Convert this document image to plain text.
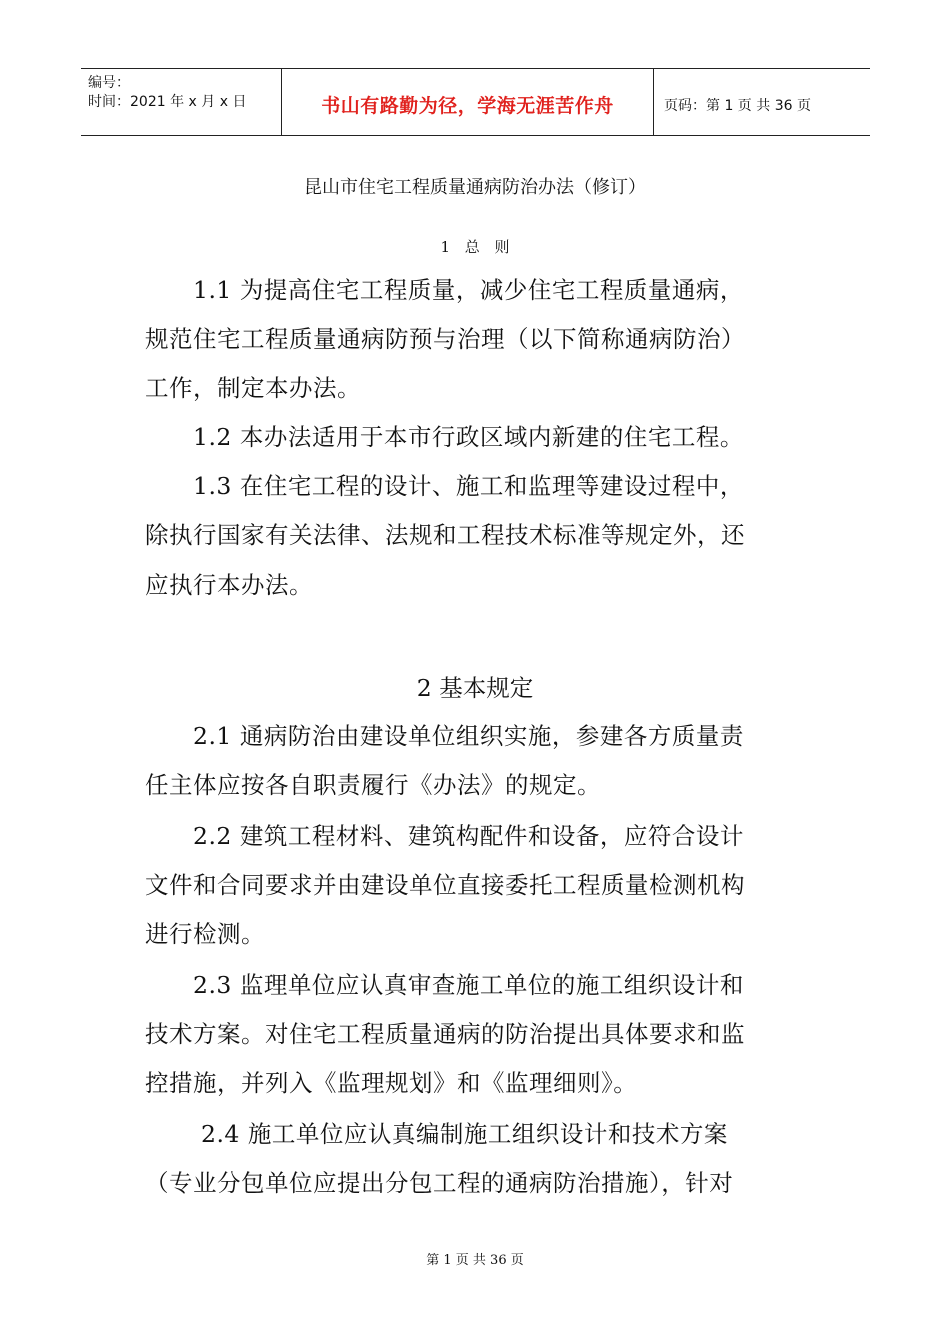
编号：
时间：2021 年 x 月 x 日	书山有路勤为径，学海无涯苦作舟	页码：第 1 页 共 36 页
昆山市住宅工程质量通病防治办法（修订）
1 总 则
1.1 为提高住宅工程质量，减少住宅工程质量通病，
规范住宅工程质量通病防预与治理（以下简称通病防治）
工作，制定本办法。
1.2 本办法适用于本市行政区域内新建的住宅工程。
1.3 在住宅工程的设计、施工和监理等建设过程中，
除执行国家有关法律、法规和工程技术标准等规定外，还
应执行本办法。
2 基本规定
2.1 通病防治由建设单位组织实施，参建各方质量责
任主体应按各自职责履行《办法》的规定。
2.2 建筑工程材料、建筑构配件和设备，应符合设计
文件和合同要求并由建设单位直接委托工程质量检测机构
进行检测。
2.3 监理单位应认真审查施工单位的施工组织设计和
技术方案。对住宅工程质量通病的防治提出具体要求和监
控措施，并列入《监理规划》和《监理细则》。
2.4 施工单位应认真编制施工组织设计和技术方案
（专业分包单位应提出分包工程的通病防治措施），针对
第 1 页 共 36 页
